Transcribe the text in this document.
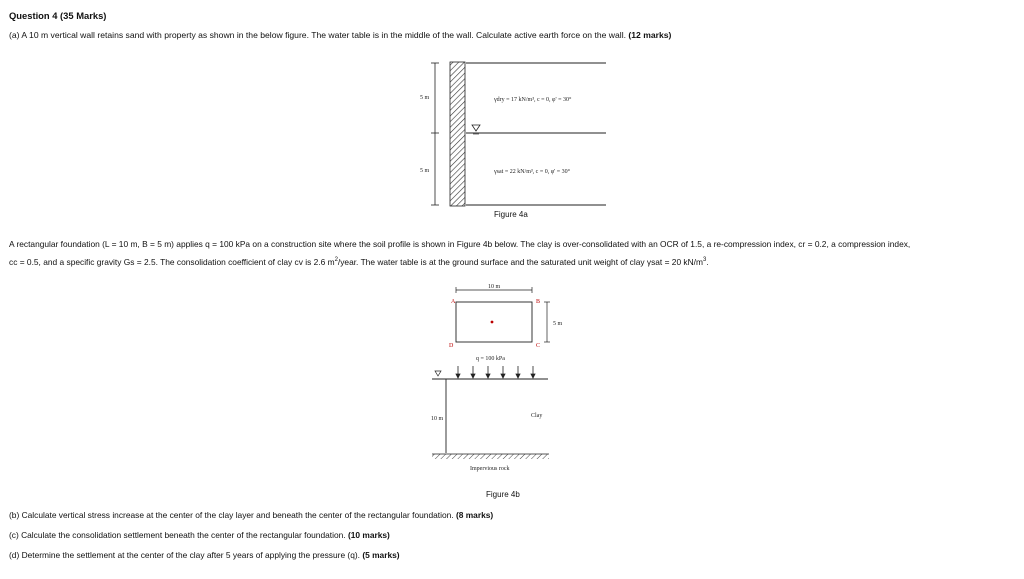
Question 4 (35 Marks)
(a) A 10 m vertical wall retains sand with property as shown in the below figure. The water table is in the middle of the wall. Calculate active earth force on the wall. (12 marks)
5 m
5 m
γdry = 17 kN/m³, c = 0, φ' = 30°
γsat = 22 kN/m³, c = 0, φ' = 30°
Figure 4a
A rectangular foundation (L = 10 m, B = 5 m) applies q = 100 kPa on a construction site where the soil profile is shown in Figure 4b below. The clay is over-consolidated with an OCR of 1.5, a re-compression index, cr = 0.2, a compression index,
cc = 0.5, and a specific gravity Gs = 2.5. The consolidation coefficient of clay cv is 2.6 $m^2$/year. The water table is at the ground surface and the saturated unit weight of clay γsat = 20 $kN/m^3$.
10 m
A	B
C
D
5 m
q = 100 kPa
10 m	Clay
Impervious rock
Figure 4b
(b) Calculate vertical stress increase at the center of the clay layer and beneath the center of the rectangular foundation. (8 marks)
(c) Calculate the consolidation settlement beneath the center of the rectangular foundation. (10 marks)
(d) Determine the settlement at the center of the clay after 5 years of applying the pressure (q). (5 marks)
